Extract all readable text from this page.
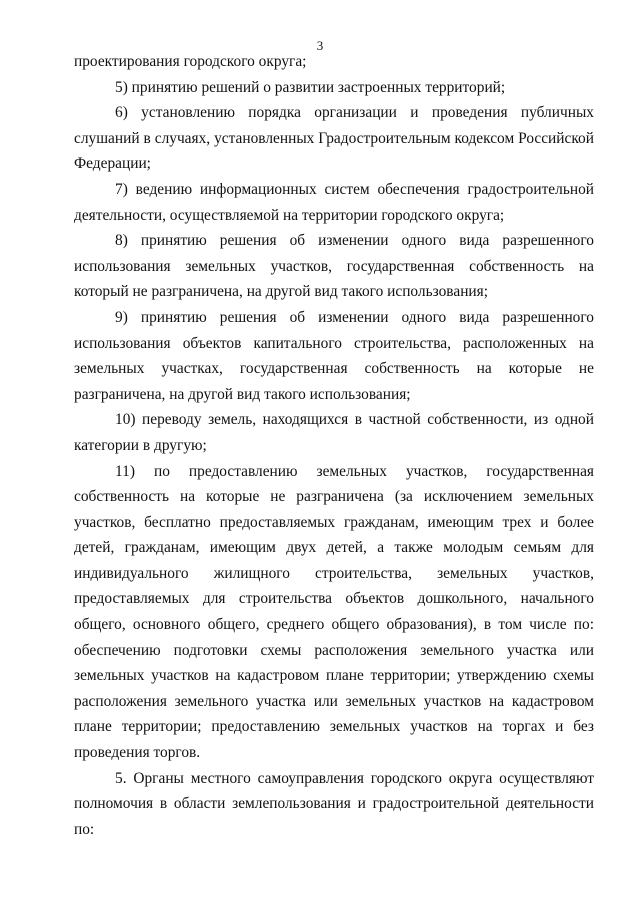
3

проектирования городского округа;

5) принятию решений о развитии застроенных территорий;

6) установлению порядка организации и проведения публичных слушаний в случаях, установленных Градостроительным кодексом Российской Федерации;

7) ведению информационных систем обеспечения градостроительной деятельности, осуществляемой на территории городского округа;

8) принятию решения об изменении одного вида разрешенного использования земельных участков, государственная собственность на который не разграничена, на другой вид такого использования;

9) принятию решения об изменении одного вида разрешенного использования объектов капитального строительства, расположенных на земельных участках, государственная собственность на которые не разграничена, на другой вид такого использования;

10) переводу земель, находящихся в частной собственности, из одной категории в другую;

11) по предоставлению земельных участков, государственная собственность на которые не разграничена (за исключением земельных участков, бесплатно предоставляемых гражданам, имеющим трех и более детей, гражданам, имеющим двух детей, а также молодым семьям для индивидуального жилищного строительства, земельных участков, предоставляемых для строительства объектов дошкольного, начального общего, основного общего, среднего общего образования), в том числе по: обеспечению подготовки схемы расположения земельного участка или земельных участков на кадастровом плане территории; утверждению схемы расположения земельного участка или земельных участков на кадастровом плане территории; предоставлению земельных участков на торгах и без проведения торгов.

5. Органы местного самоуправления городского округа осуществляют полномочия в области землепользования и градостроительной деятельности по:
